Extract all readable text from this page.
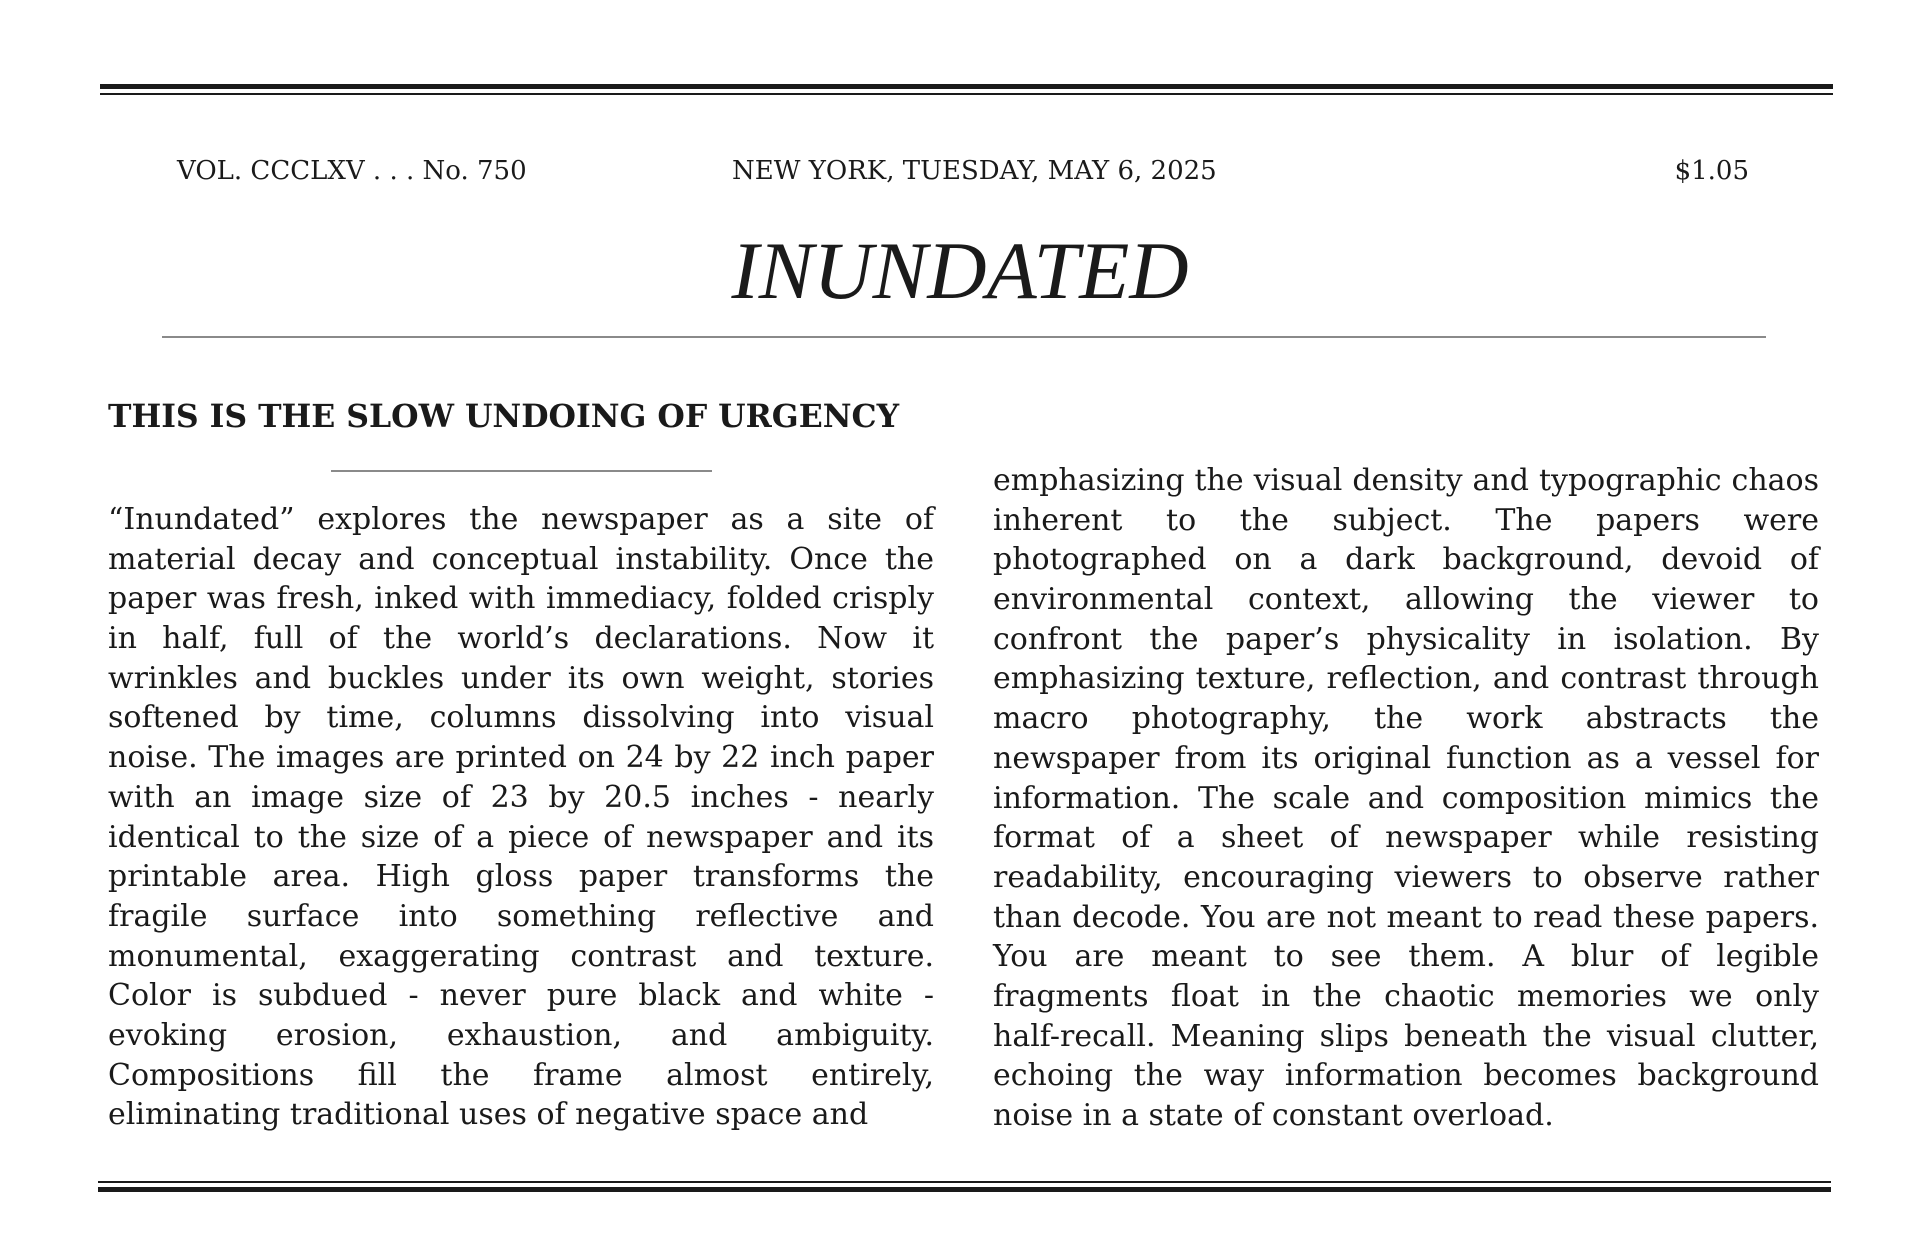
VOL. CCCLXV . . . No. 750	NEW YORK, TUESDAY, MAY 6, 2025	$1.05
INUNDATED
THIS IS THE SLOW UNDOING OF URGENCY
“Inundated” explores the newspaper as a site of
material decay and conceptual instability. Once the
paper was fresh, inked with immediacy, folded crisply
in half, full of the world’s declarations. Now it
wrinkles and buckles under its own weight, stories
softened by time, columns dissolving into visual
noise. The images are printed on 24 by 22 inch paper
with an image size of 23 by 20.5 inches - nearly
identical to the size of a piece of newspaper and its
printable area. High gloss paper transforms the
fragile surface into something reflective and
monumental, exaggerating contrast and texture.
Color is subdued - never pure black and white -
evoking erosion, exhaustion, and ambiguity.
Compositions fill the frame almost entirely,
eliminating traditional uses of negative space and
emphasizing the visual density and typographic chaos
inherent to the subject. The papers were
photographed on a dark background, devoid of
environmental context, allowing the viewer to
confront the paper’s physicality in isolation. By
emphasizing texture, reflection, and contrast through
macro photography, the work abstracts the
newspaper from its original function as a vessel for
information. The scale and composition mimics the
format of a sheet of newspaper while resisting
readability, encouraging viewers to observe rather
than decode. You are not meant to read these papers.
You are meant to see them. A blur of legible
fragments float in the chaotic memories we only
half-recall. Meaning slips beneath the visual clutter,
echoing the way information becomes background
noise in a state of constant overload.
